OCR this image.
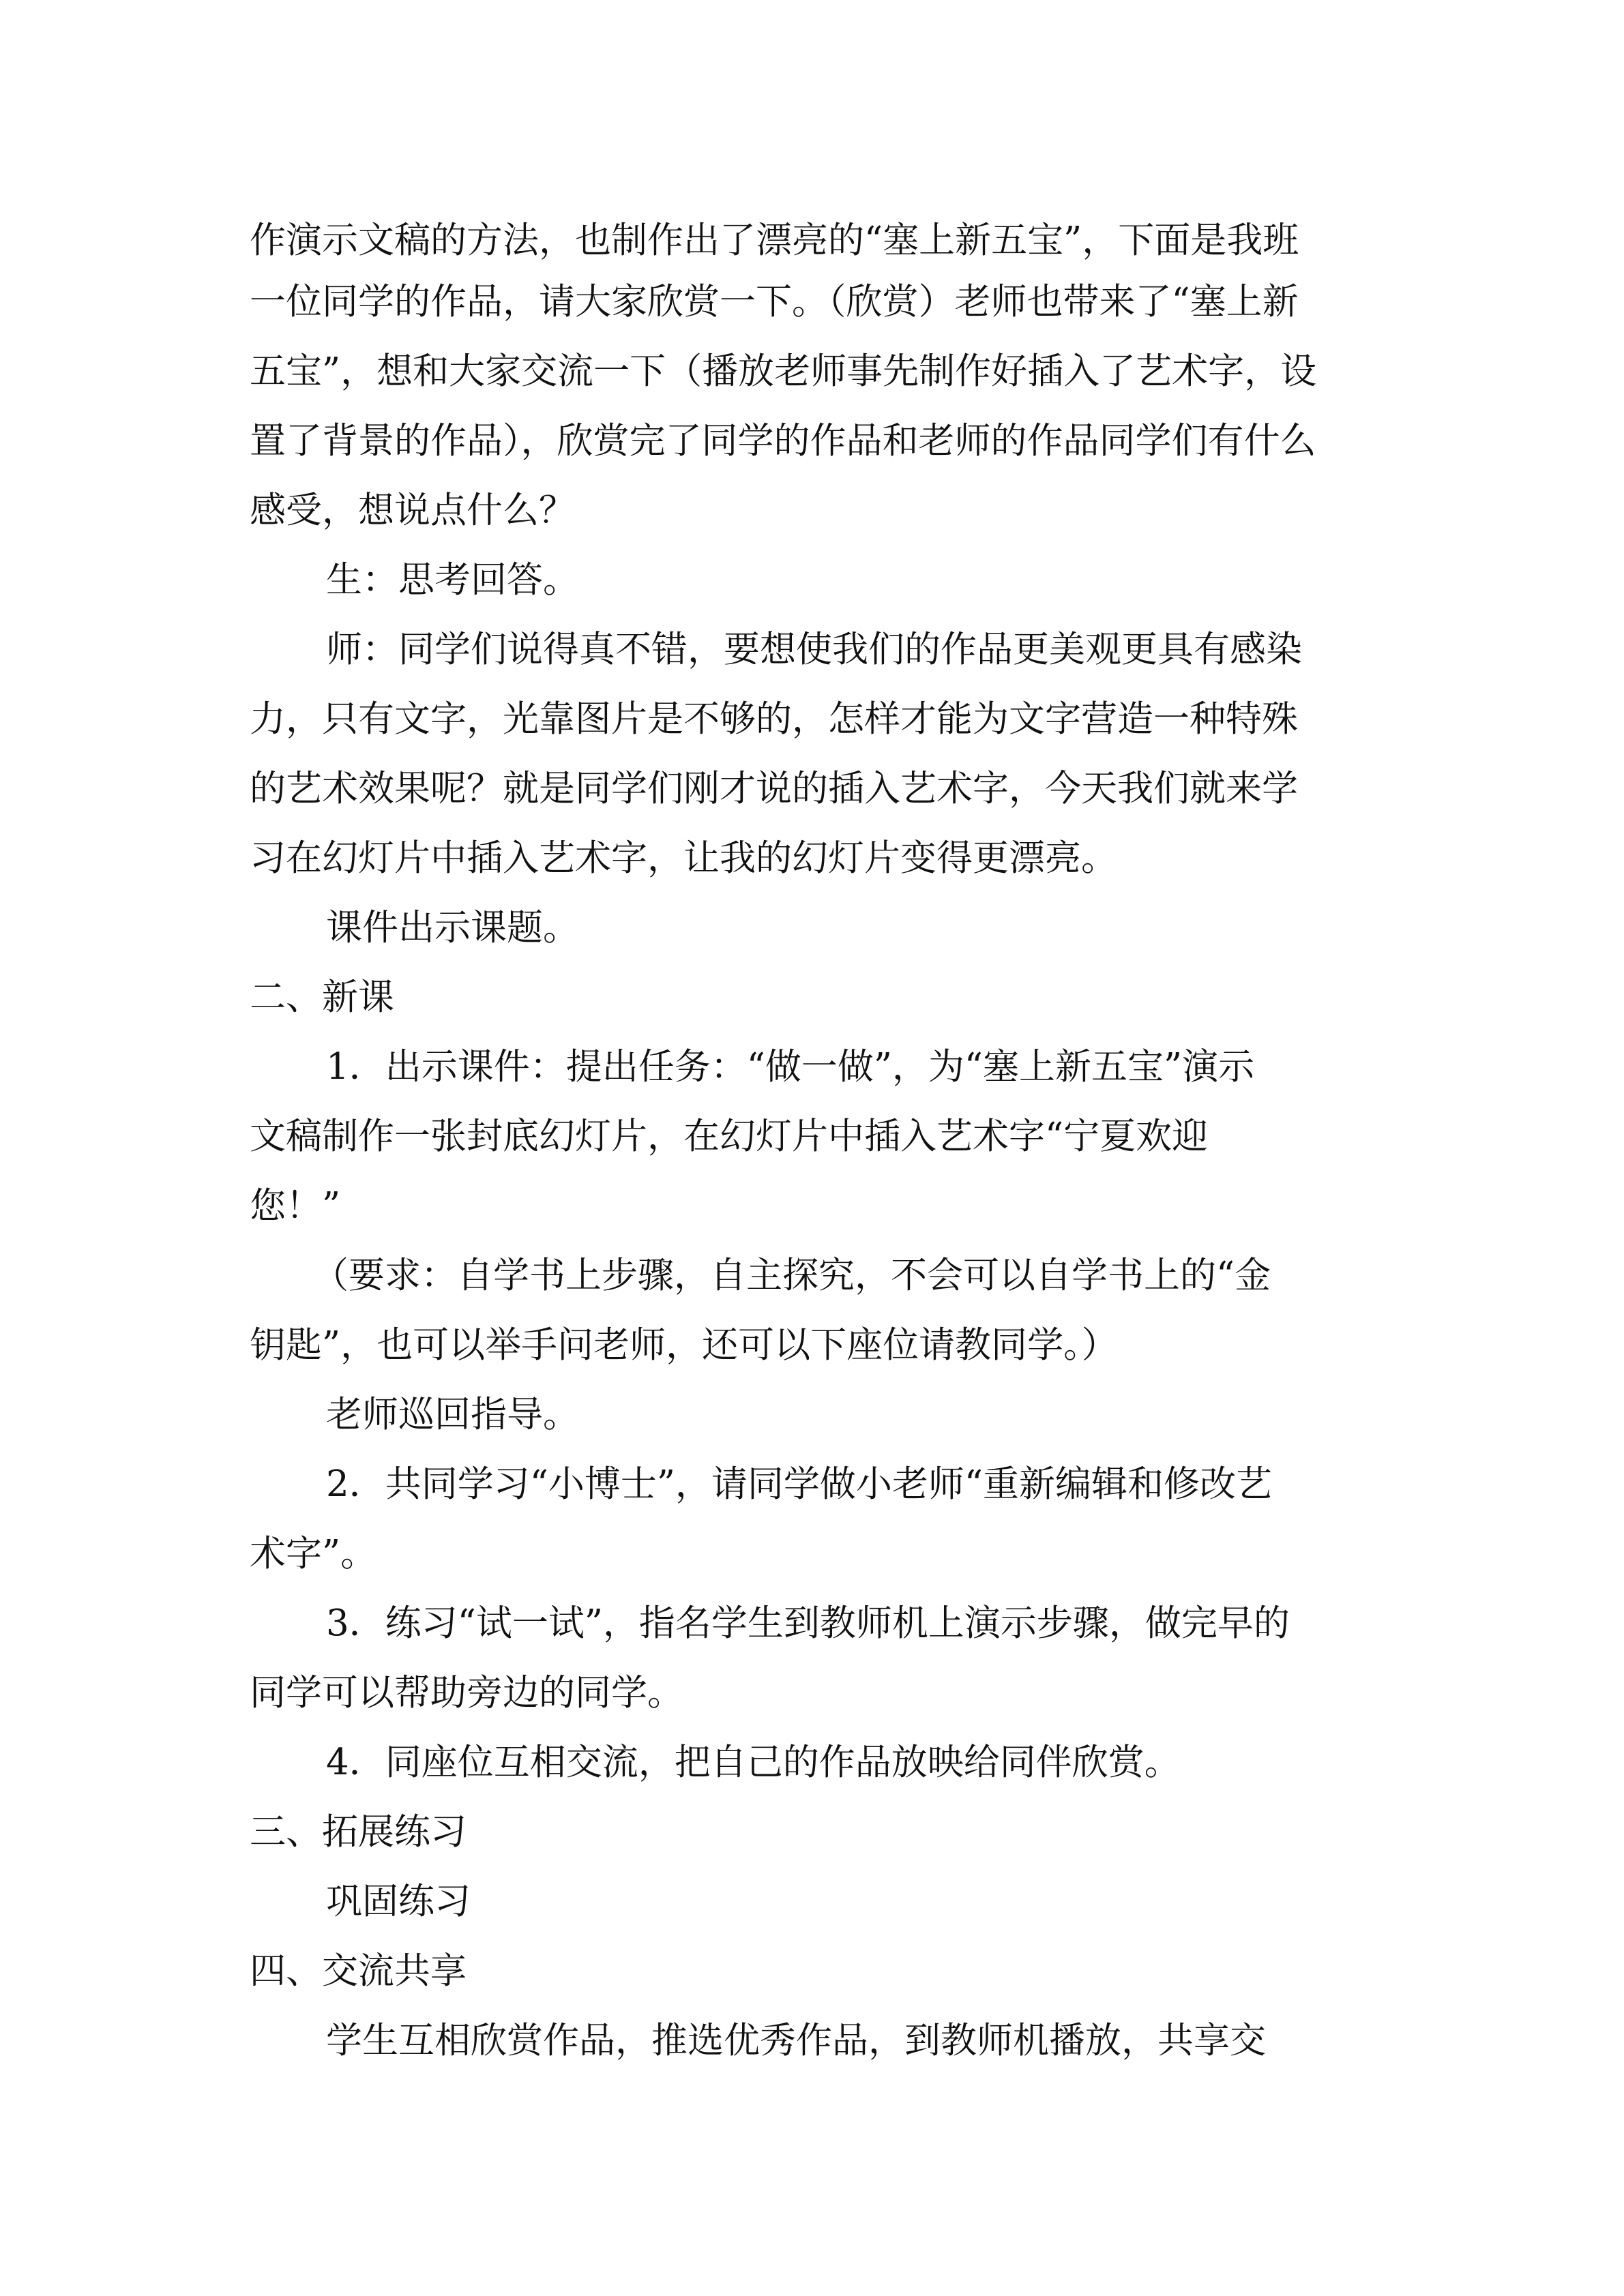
作演示文稿的方法，也制作出了漂亮的“塞上新五宝”，下面是我班
一位同学的作品，请大家欣赏一下。（欣赏）老师也带来了“塞上新
五宝”，想和大家交流一下（播放老师事先制作好插入了艺术字，设
置了背景的作品），欣赏完了同学的作品和老师的作品同学们有什么
感受，想说点什么？
生：思考回答。
师：同学们说得真不错，要想使我们的作品更美观更具有感染
力，只有文字，光靠图片是不够的，怎样才能为文字营造一种特殊
的艺术效果呢？就是同学们刚才说的插入艺术字，今天我们就来学
习在幻灯片中插入艺术字，让我的幻灯片变得更漂亮。
课件出示课题。
二、新课
1．出示课件：提出任务：“做一做”，为“塞上新五宝”演示
文稿制作一张封底幻灯片，在幻灯片中插入艺术字“宁夏欢迎
您！”
（要求：自学书上步骤，自主探究，不会可以自学书上的“金
钥匙”，也可以举手问老师，还可以下座位请教同学。）
老师巡回指导。
2．共同学习“小博士”，请同学做小老师“重新编辑和修改艺
术字”。
3．练习“试一试”，指名学生到教师机上演示步骤，做完早的
同学可以帮助旁边的同学。
4．同座位互相交流，把自己的作品放映给同伴欣赏。
三、拓展练习
巩固练习
四、交流共享
学生互相欣赏作品，推选优秀作品，到教师机播放，共享交
